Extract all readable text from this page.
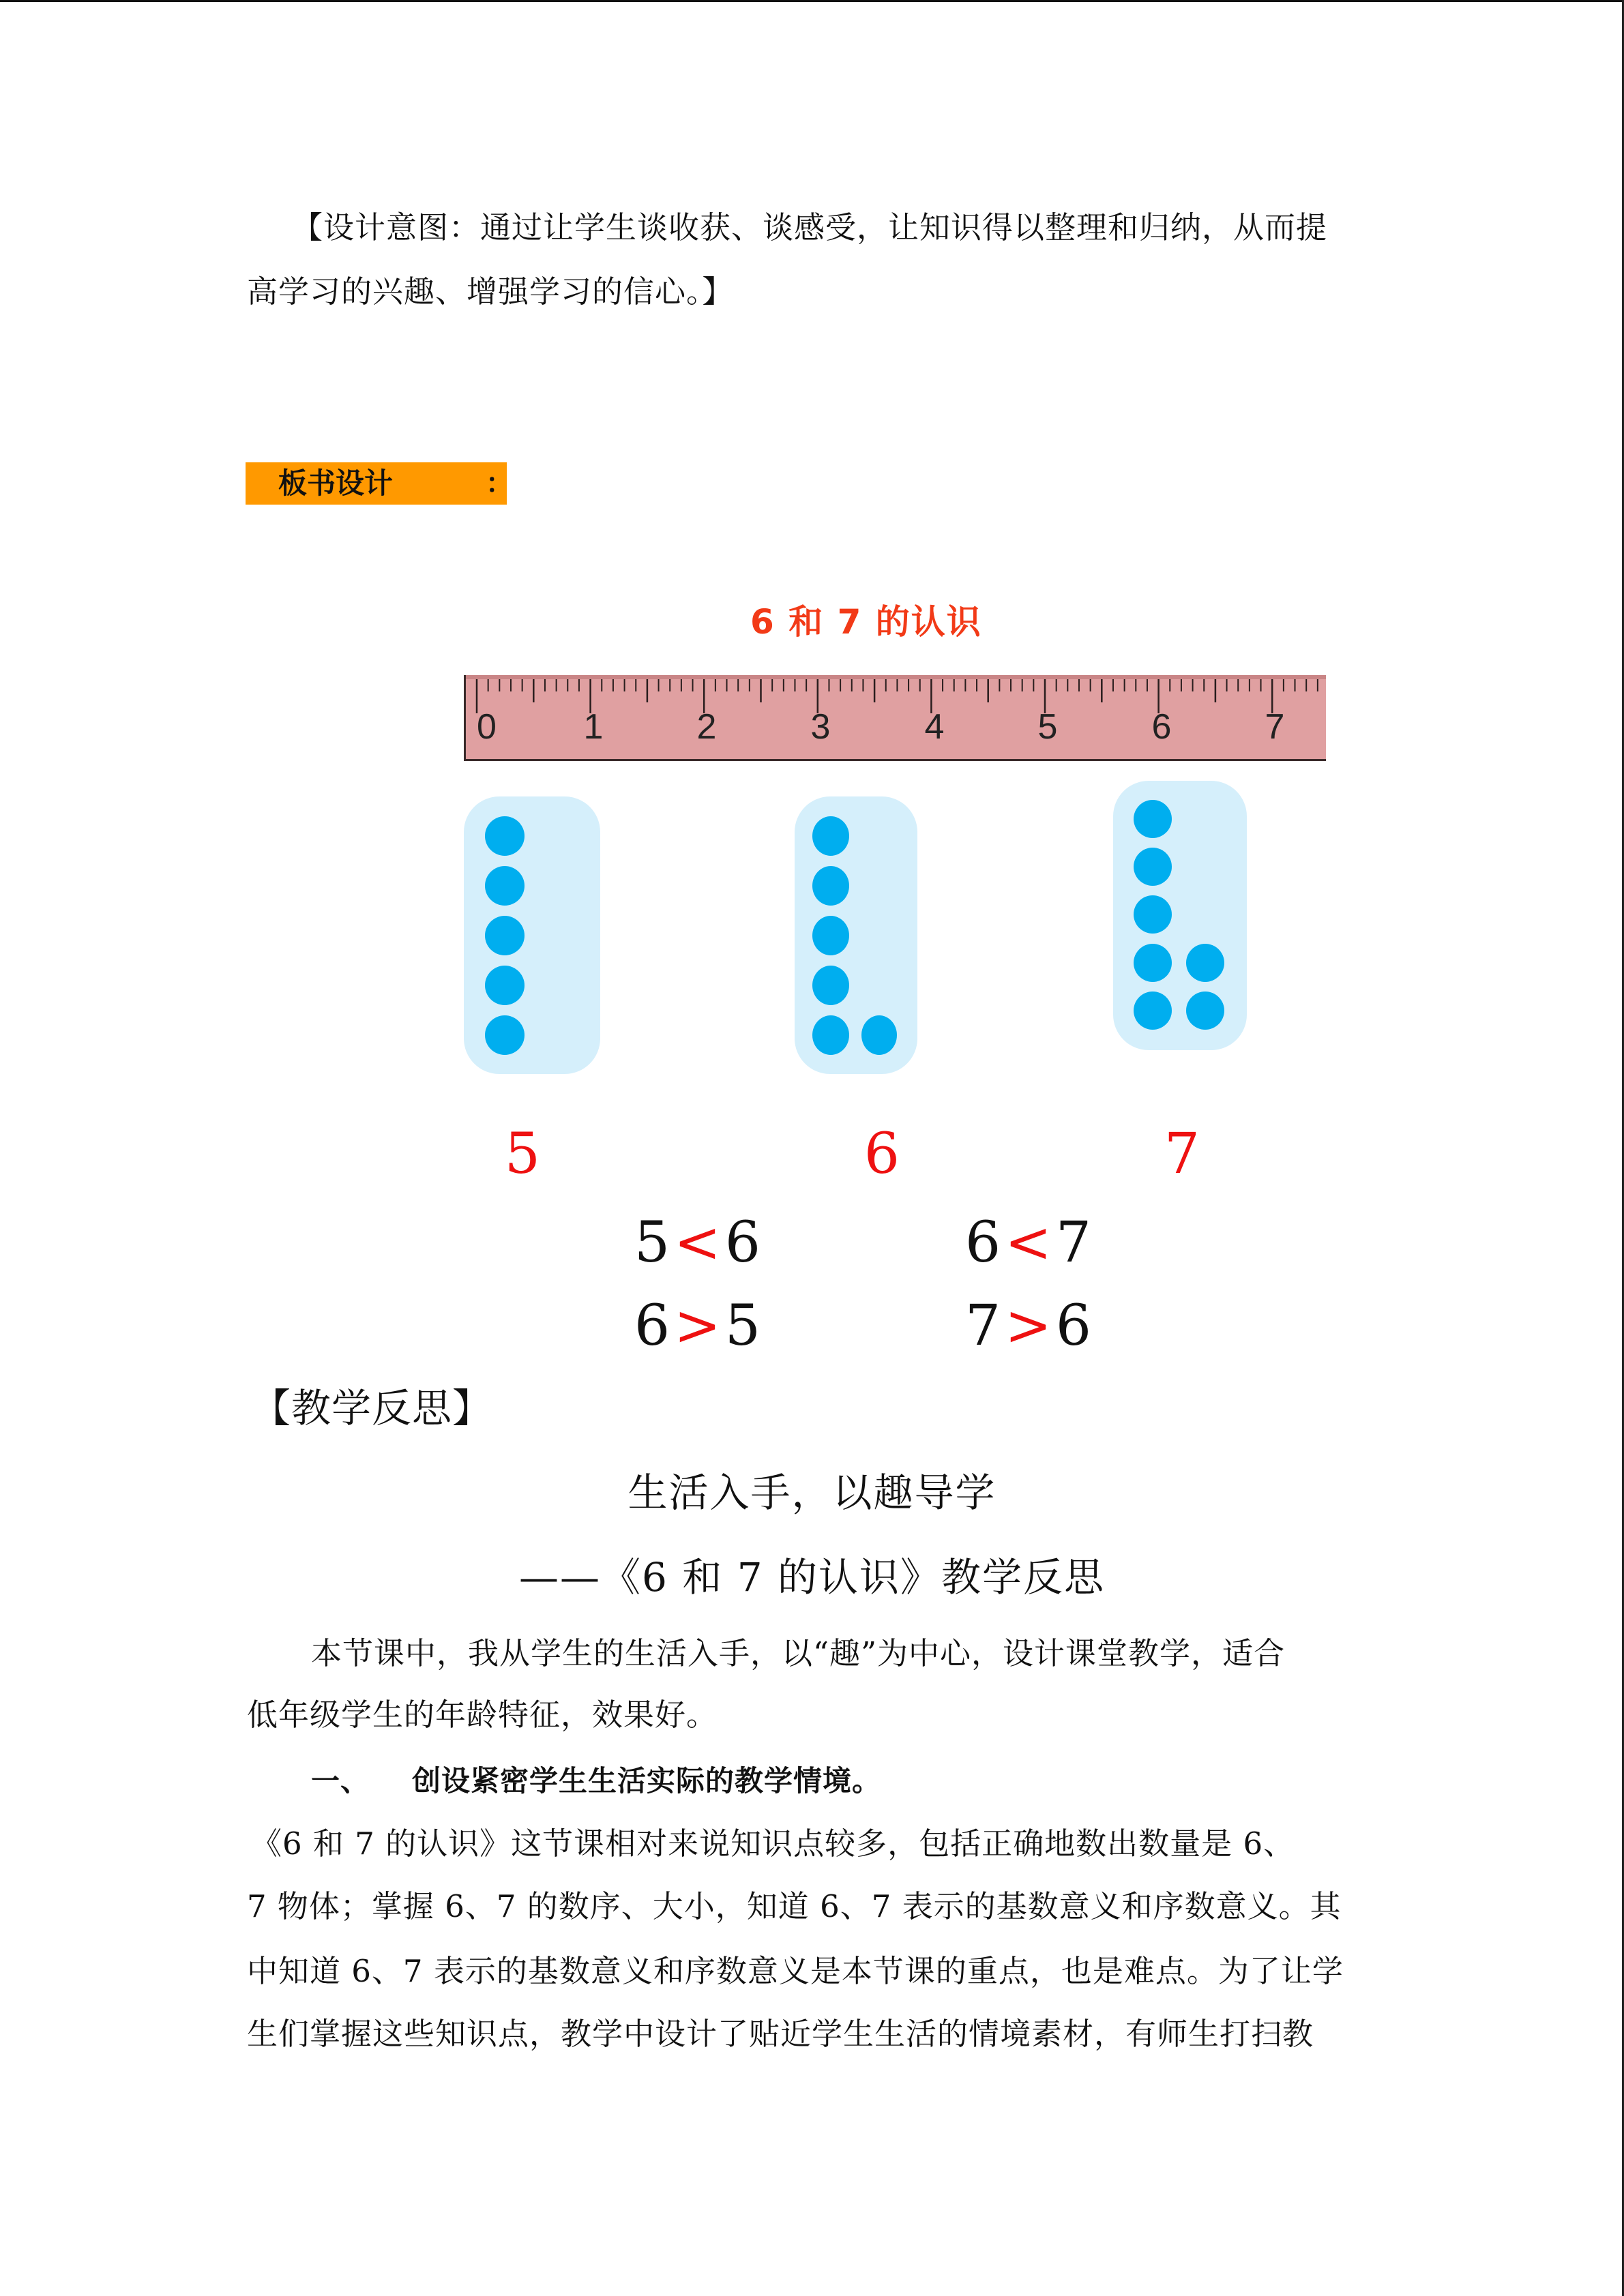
【设计意图：通过让学生谈收获、谈感受，让知识得以整理和归纳，从而提
高学习的兴趣、增强学习的信心。】
板书设计	：
6 和 7 的认识
0 1	2	3	4	5	6	7
5	6	7
5<6	6<7
6>5	7>6
【教学反思】
生活入手，以趣导学
——《6 和 7 的认识》教学反思
本节课中，我从学生的生活入手，以“趣”为中心，设计课堂教学，适合
低年级学生的年龄特征，效果好。
一、 创设紧密学生生活实际的教学情境。
《6 和 7 的认识》这节课相对来说知识点较多，包括正确地数出数量是 6、
7 物体；掌握 6、7 的数序、大小，知道 6、7 表示的基数意义和序数意义。其
中知道 6、7 表示的基数意义和序数意义是本节课的重点，也是难点。为了让学
生们掌握这些知识点，教学中设计了贴近学生生活的情境素材，有师生打扫教
